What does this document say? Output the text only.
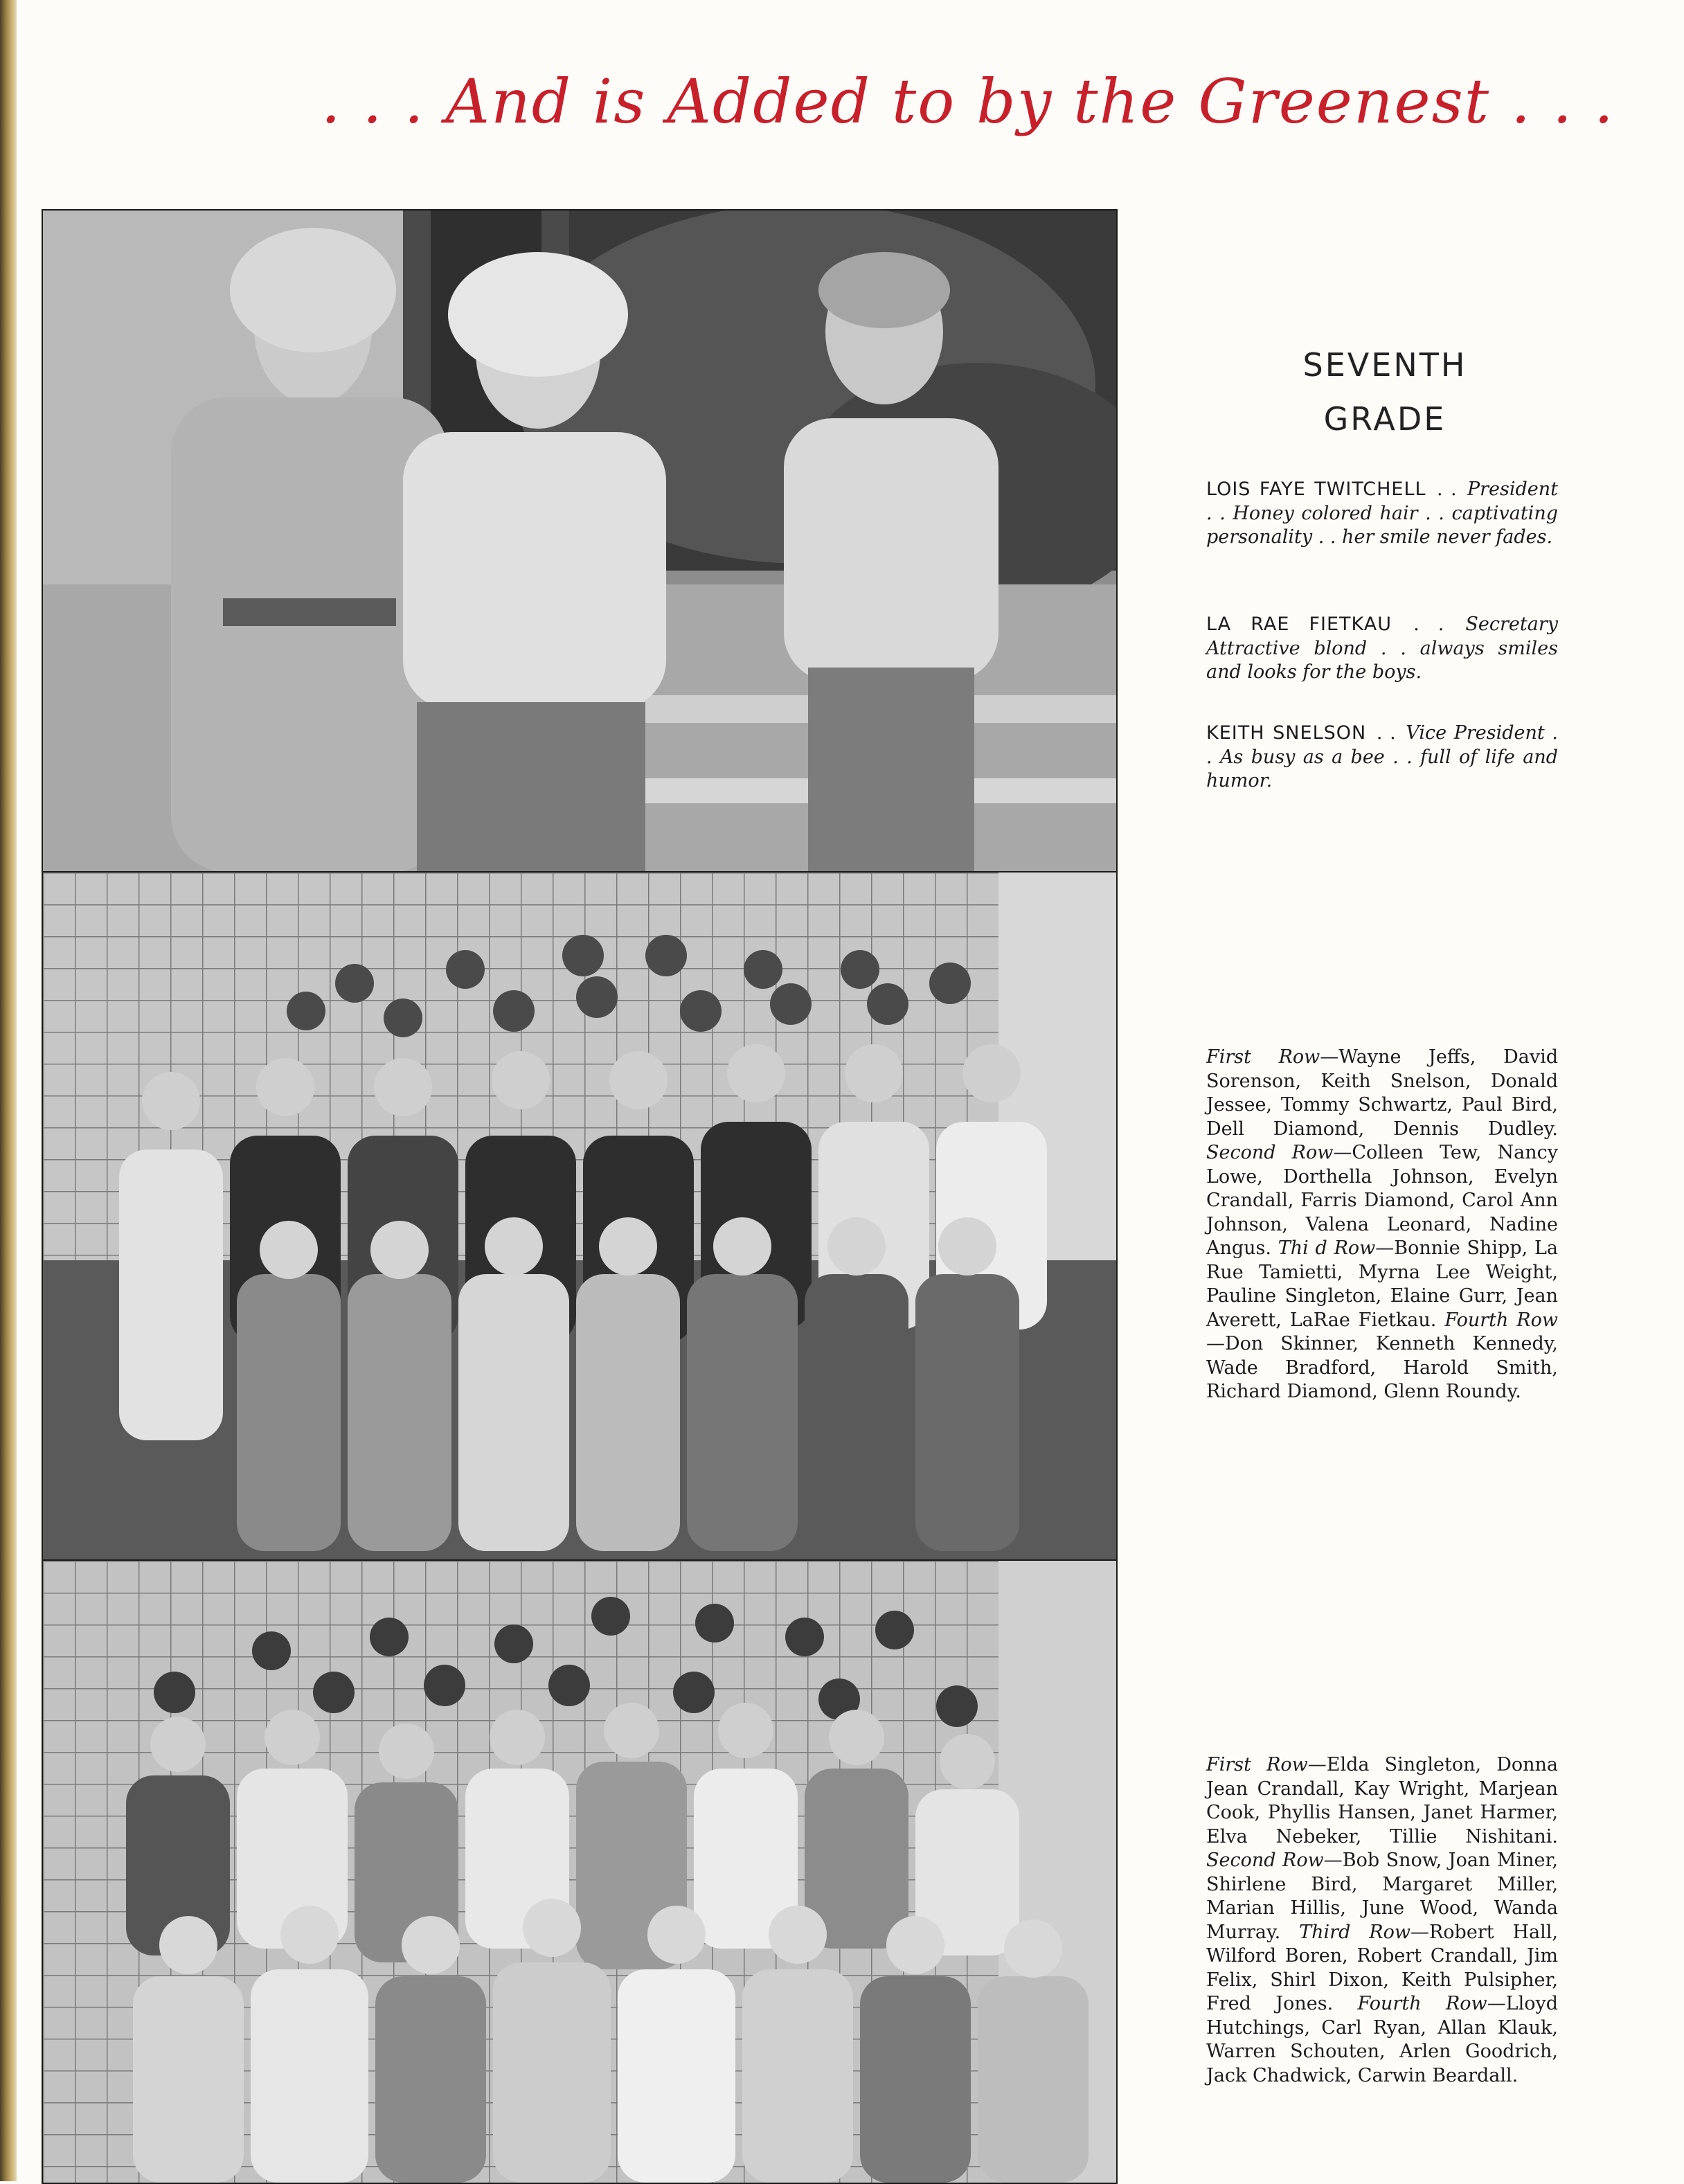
. . . And is Added to by the Greenest . . .
SEVENTH
GRADE
LOIS FAYE TWITCHELL . . President . . Honey colored hair . . captivating personality . . her smile never fades.
LA RAE FIETKAU . . Secretary Attractive blond . . always smiles and looks for the boys.
KEITH SNELSON . . Vice President . . As busy as a bee . . full of life and humor.
First Row—Wayne Jeffs, David Sorenson, Keith Snelson, Donald Jessee, Tommy Schwartz, Paul Bird, Dell Diamond, Dennis Dudley. Second Row—Colleen Tew, Nancy Lowe, Dorthella Johnson, Evelyn Crandall, Farris Diamond, Carol Ann Johnson, Valena Leonard, Nadine Angus. Thi d Row—Bonnie Shipp, La Rue Tamietti, Myrna Lee Weight, Pauline Singleton, Elaine Gurr, Jean Averett, LaRae Fietkau. Fourth Row—Don Skinner, Kenneth Kennedy, Wade Bradford, Harold Smith, Richard Diamond, Glenn Roundy.
First Row—Elda Singleton, Donna Jean Crandall, Kay Wright, Marjean Cook, Phyllis Hansen, Janet Harmer, Elva Nebeker, Tillie Nishitani. Second Row—Bob Snow, Joan Miner, Shirlene Bird, Margaret Miller, Marian Hillis, June Wood, Wanda Murray. Third Row—Robert Hall, Wilford Boren, Robert Crandall, Jim Felix, Shirl Dixon, Keith Pulsipher, Fred Jones. Fourth Row—Lloyd Hutchings, Carl Ryan, Allan Klauk, Warren Schouten, Arlen Goodrich, Jack Chadwick, Carwin Beardall.
